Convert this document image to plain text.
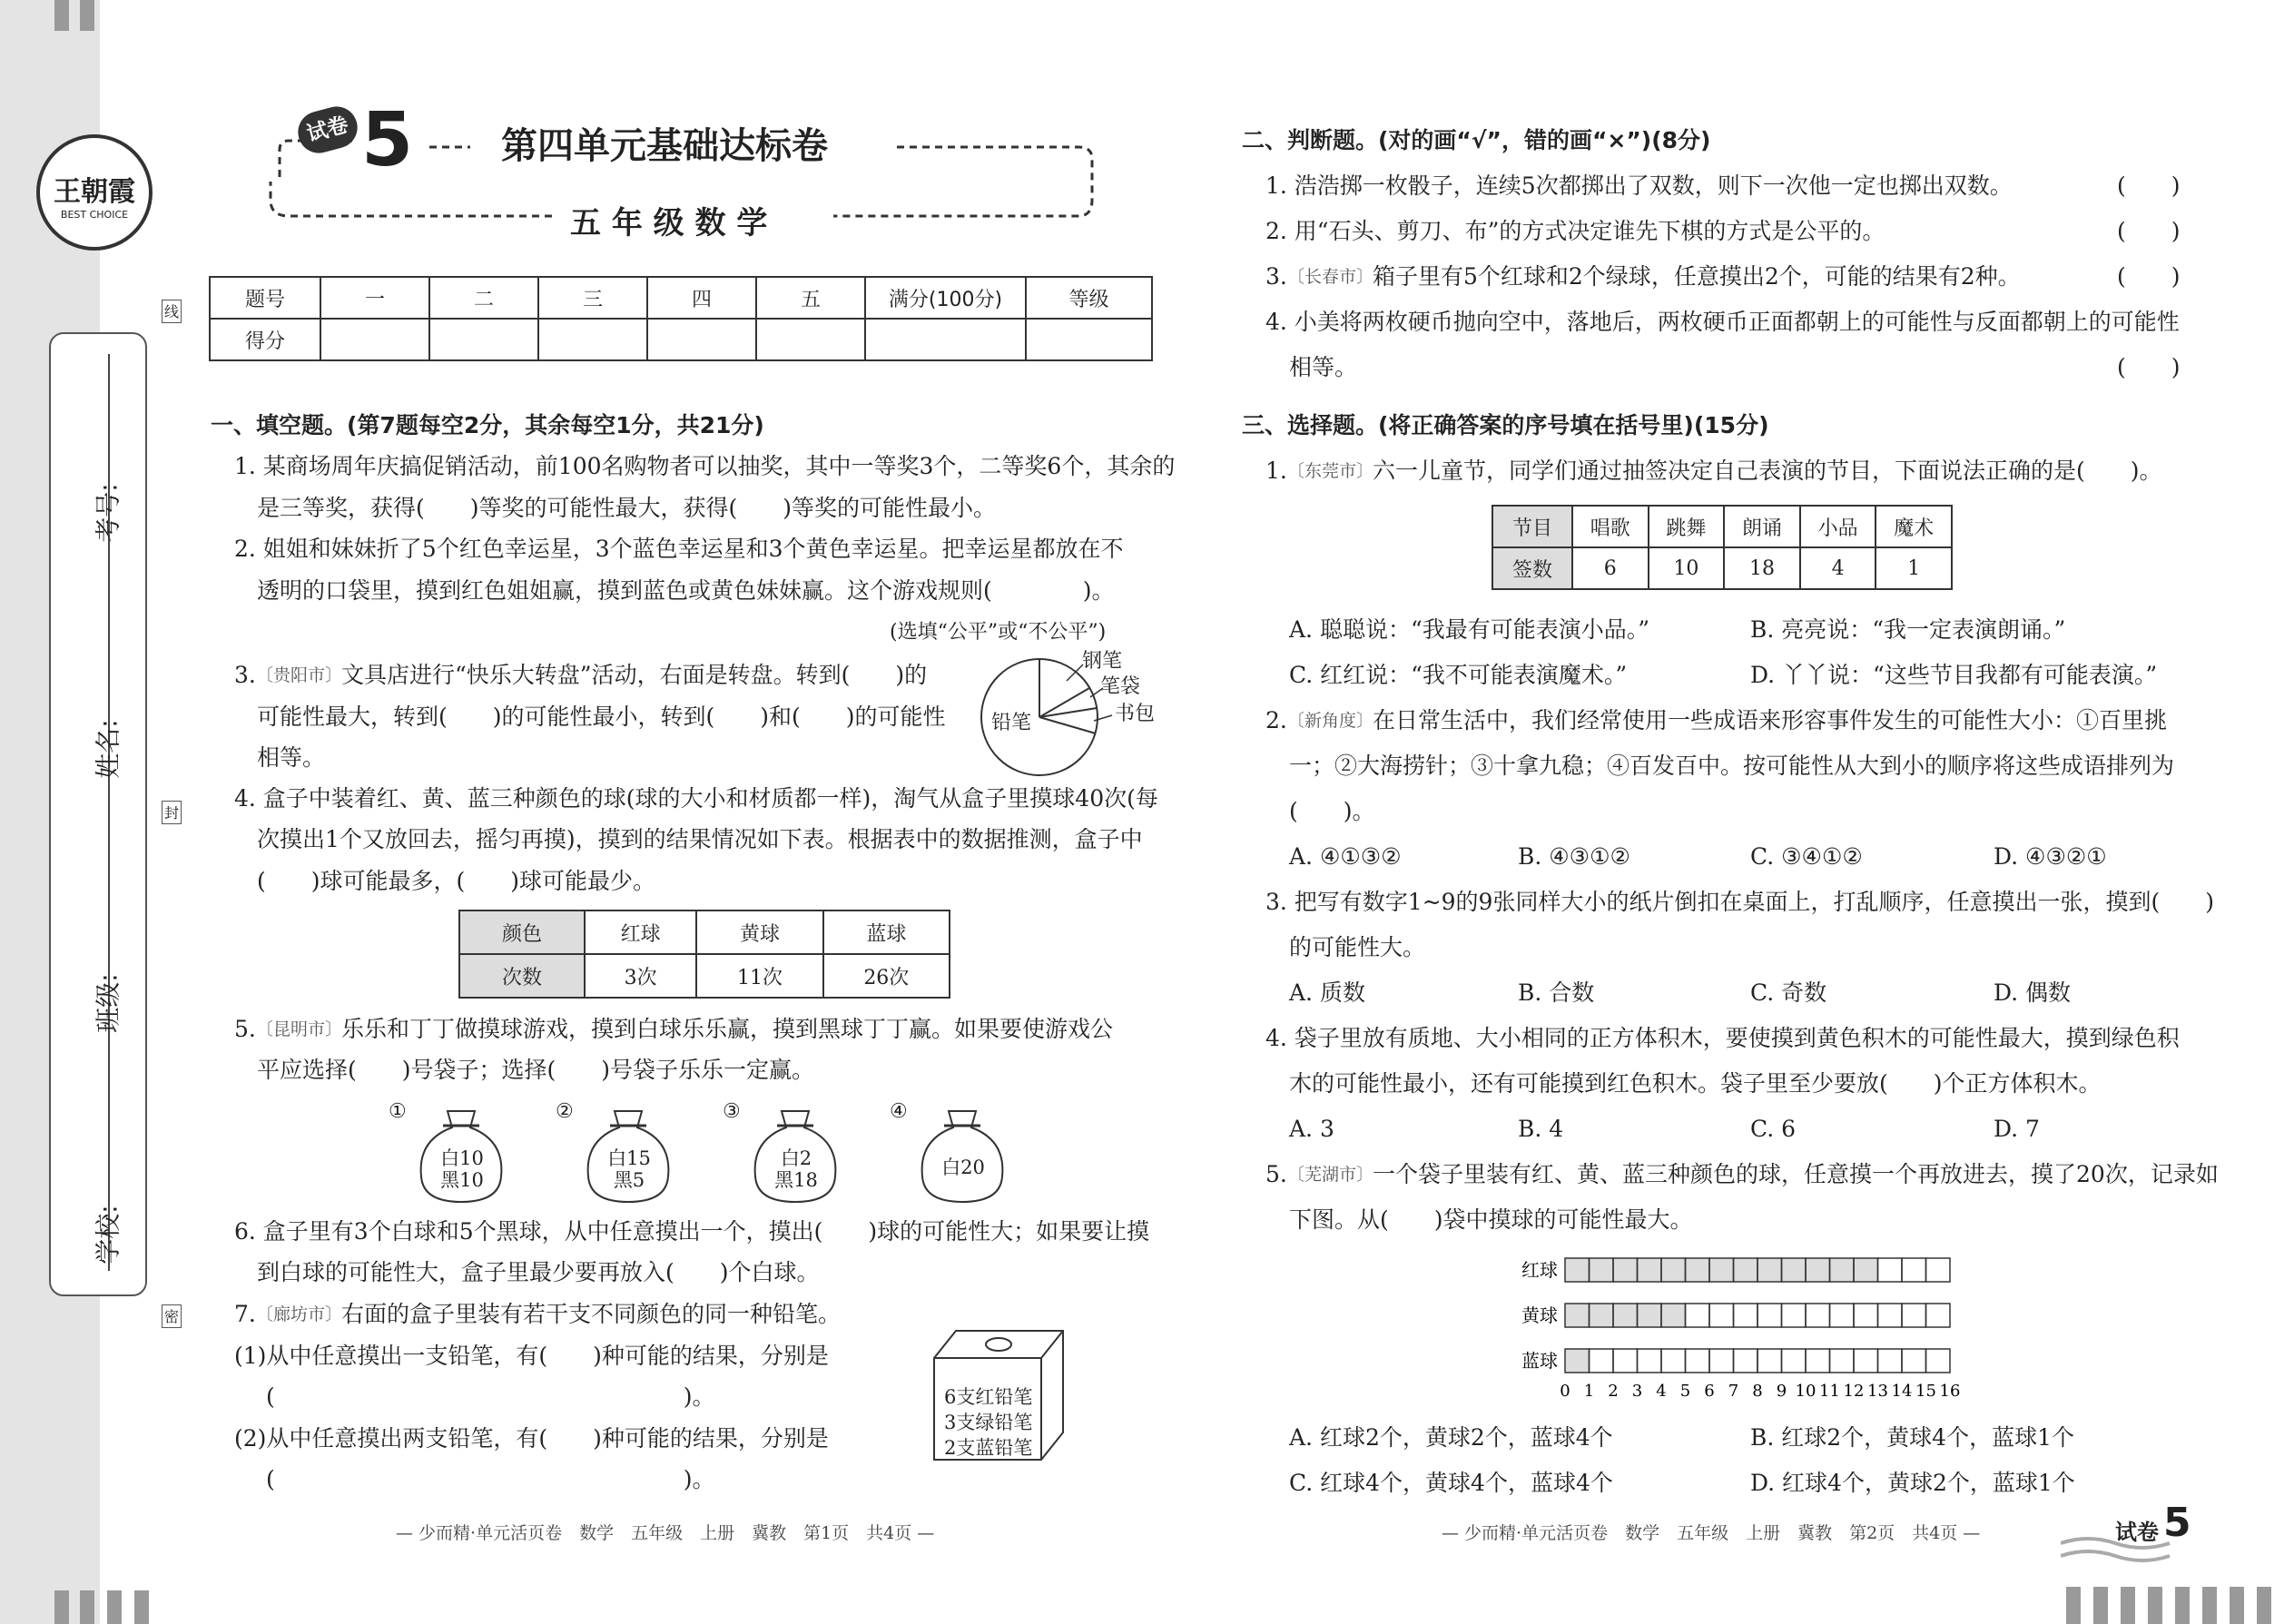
王朝霞
BEST CHOICE
考号:
姓名:
班级:
学校:
线
封
密
试卷 5 第四单元基础达标卷
五 年 级 数 学
题号	一	二	三	四	五	满分(100分)	等级
得分							
一、填空题。(第7题每空2分，其余每空1分，共21分)
1. 某商场周年庆搞促销活动，前100名购物者可以抽奖，其中一等奖3个，二等奖6个，其余的
是三等奖，获得(　　)等奖的可能性最大，获得(　　)等奖的可能性最小。
2. 姐姐和妹妹折了5个红色幸运星，3个蓝色幸运星和3个黄色幸运星。把幸运星都放在不
透明的口袋里，摸到红色姐姐赢，摸到蓝色或黄色妹妹赢。这个游戏规则(　　　　)。
(选填“公平”或“不公平”)
3. 〔贵阳市〕
文具店进行“快乐大转盘”活动，右面是转盘。转到(　　)的
可能性最大，转到(　　)的可能性最小，转到(　　)和(　　)的可能性
相等。
钢笔
笔袋
书包
铅笔
4. 盒子中装着红、黄、蓝三种颜色的球(球的大小和材质都一样)，淘气从盒子里摸球40次(每
次摸出1个又放回去，摇匀再摸)，摸到的结果情况如下表。根据表中的数据推测，盒子中
(　　)球可能最多，(　　)球可能最少。
颜色	红球	黄球	蓝球
次数	3次	11次	26次
5. 〔昆明市〕
乐乐和丁丁做摸球游戏，摸到白球乐乐赢，摸到黑球丁丁赢。如果要使游戏公
平应选择(　　)号袋子；选择(　　)号袋子乐乐一定赢。
①
白10
黑10
②
白15
黑5
③
白2
黑18
④
白20
6. 盒子里有3个白球和5个黑球，从中任意摸出一个，摸出(　　)球的可能性大；如果要让摸
到白球的可能性大，盒子里最少要再放入(　　)个白球。
7. 〔廊坊市〕
右面的盒子里装有若干支不同颜色的同一种铅笔。
(1)从中任意摸出一支铅笔，有(　　)种可能的结果，分别是
(　　　　　　　　　　　　　　　　　　)。
(2)从中任意摸出两支铅笔，有(　　)种可能的结果，分别是
(　　　　　　　　　　　　　　　　　　)。
6支红铅笔
3支绿铅笔
2支蓝铅笔
— 少而精·单元活页卷　数学　五年级　上册　冀教　第1页　共4页 —
二、判断题。(对的画“√”，错的画“×”)(8分)
1. 浩浩掷一枚骰子，连续5次都掷出了双数，则下一次他一定也掷出双数。	(　　)
2. 用“石头、剪刀、布”的方式决定谁先下棋的方式是公平的。	(　　)
3. 〔长春市〕
箱子里有5个红球和2个绿球，任意摸出2个，可能的结果有2种。	(　　)
4. 小美将两枚硬币抛向空中，落地后，两枚硬币正面都朝上的可能性与反面都朝上的可能性
相等。	(　　)
三、选择题。(将正确答案的序号填在括号里)(15分)
1. 〔东莞市〕
六一儿童节，同学们通过抽签决定自己表演的节目，下面说法正确的是(　　)。
节目	唱歌	跳舞	朗诵	小品	魔术
签数	6	10	18	4	1
A. 聪聪说：“我最有可能表演小品。”	B. 亮亮说：“我一定表演朗诵。”
C. 红红说：“我不可能表演魔术。”	D. 丫丫说：“这些节目我都有可能表演。”
2. 〔新角度〕
在日常生活中，我们经常使用一些成语来形容事件发生的可能性大小：①百里挑
一；②大海捞针；③十拿九稳；④百发百中。按可能性从大到小的顺序将这些成语排列为
(　　)。
A. ④①③②	B. ④③①②	C. ③④①②	D. ④③②①
3. 把写有数字1~9的9张同样大小的纸片倒扣在桌面上，打乱顺序，任意摸出一张，摸到(　　)
的可能性大。
A. 质数	B. 合数	C. 奇数	D. 偶数
4. 袋子里放有质地、大小相同的正方体积木，要使摸到黄色积木的可能性最大，摸到绿色积
木的可能性最小，还有可能摸到红色积木。袋子里至少要放(　　)个正方体积木。
A. 3	B. 4	C. 6	D. 7
5. 〔芜湖市〕
一个袋子里装有红、黄、蓝三种颜色的球，任意摸一个再放进去，摸了20次，记录如
下图。从(　　)袋中摸球的可能性最大。
红球
黄球
蓝球
0 1 2 3 4 5 6 7 8 9 10 11 12 13 14 15 16
A. 红球2个，黄球2个，蓝球4个	B. 红球2个，黄球4个，蓝球1个
C. 红球4个，黄球4个，蓝球4个	D. 红球4个，黄球2个，蓝球1个
— 少而精·单元活页卷　数学　五年级　上册　冀教　第2页　共4页 —	试卷 5
